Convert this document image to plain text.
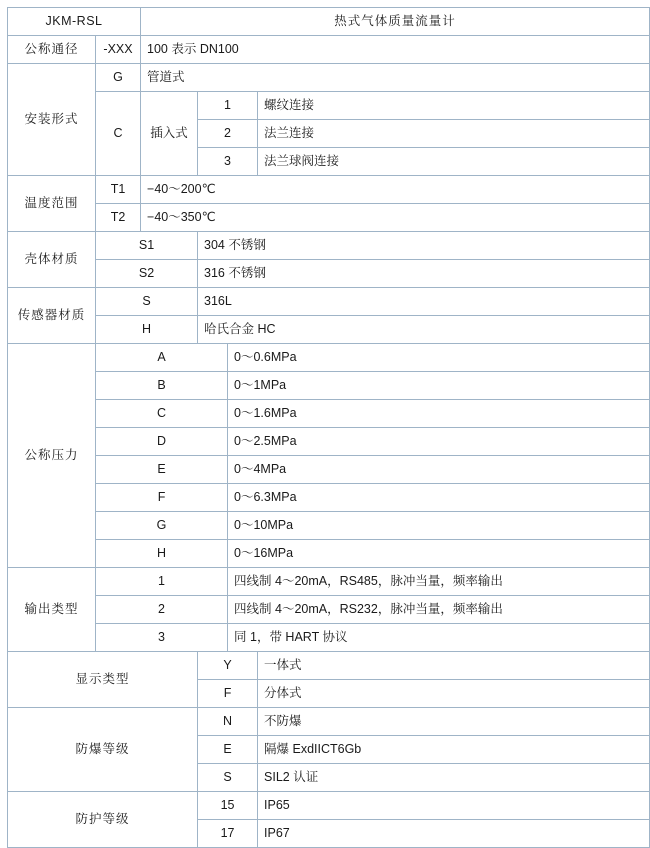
JKM-RSL		热式气体质量流量计			
公称通径	-XXX	100 表示 DN100			
安装形式	G	管道式			
	C	插入式	1		螺纹连接
			2		法兰连接
			3		法兰球阀连接
温度范围	T1	−40～200℃			
	T2	−40～350℃			
壳体材质	S1		304 不锈钢		
	S2		316 不锈钢		
传感器材质	S		316L		
	H		哈氏合金 HC		
公称压力	A			0～0.6MPa	
	B			0～1MPa	
	C			0～1.6MPa	
	D			0～2.5MPa	
	E			0～4MPa	
	F			0～6.3MPa	
	G			0～10MPa	
	H			0～16MPa	
输出类型	1			四线制 4～20mA，RS485，脉冲当量，频率输出	
	2			四线制 4～20mA，RS232，脉冲当量，频率输出	
	3			同 1，带 HART 协议	
显示类型			Y		一体式
			F		分体式
防爆等级			N		不防爆
			E		隔爆 ExdIICT6Gb
			S		SIL2 认证
防护等级			15		IP65
			17		IP67
